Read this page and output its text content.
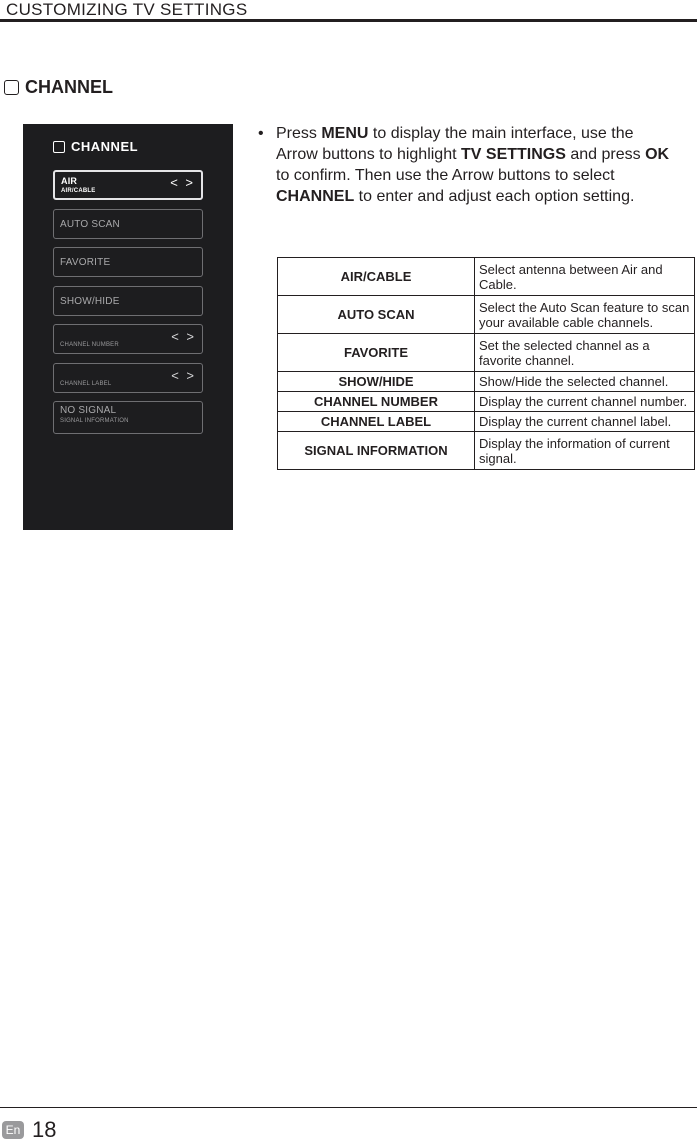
CUSTOMIZING TV SETTINGS
CHANNEL
CHANNEL
AIR
AIR/CABLE
< >
AUTO SCAN
FAVORITE
SHOW/HIDE
CHANNEL NUMBER
< >
CHANNEL LABEL
< >
NO SIGNAL
SIGNAL INFORMATION
• Press MENU to display the main interface, use the Arrow buttons to highlight TV SETTINGS and press OK to confirm. Then use the Arrow buttons to select CHANNEL to enter and adjust each option setting.
AIR/CABLE	Select antenna between Air and Cable.
AUTO SCAN	Select the Auto Scan feature to scan your available cable channels.
FAVORITE	Set the selected channel as a favorite channel.
SHOW/HIDE	Show/Hide the selected channel.
CHANNEL NUMBER	Display the current channel number.
CHANNEL LABEL	Display the current channel label.
SIGNAL INFORMATION	Display the information of current signal.
En 18
